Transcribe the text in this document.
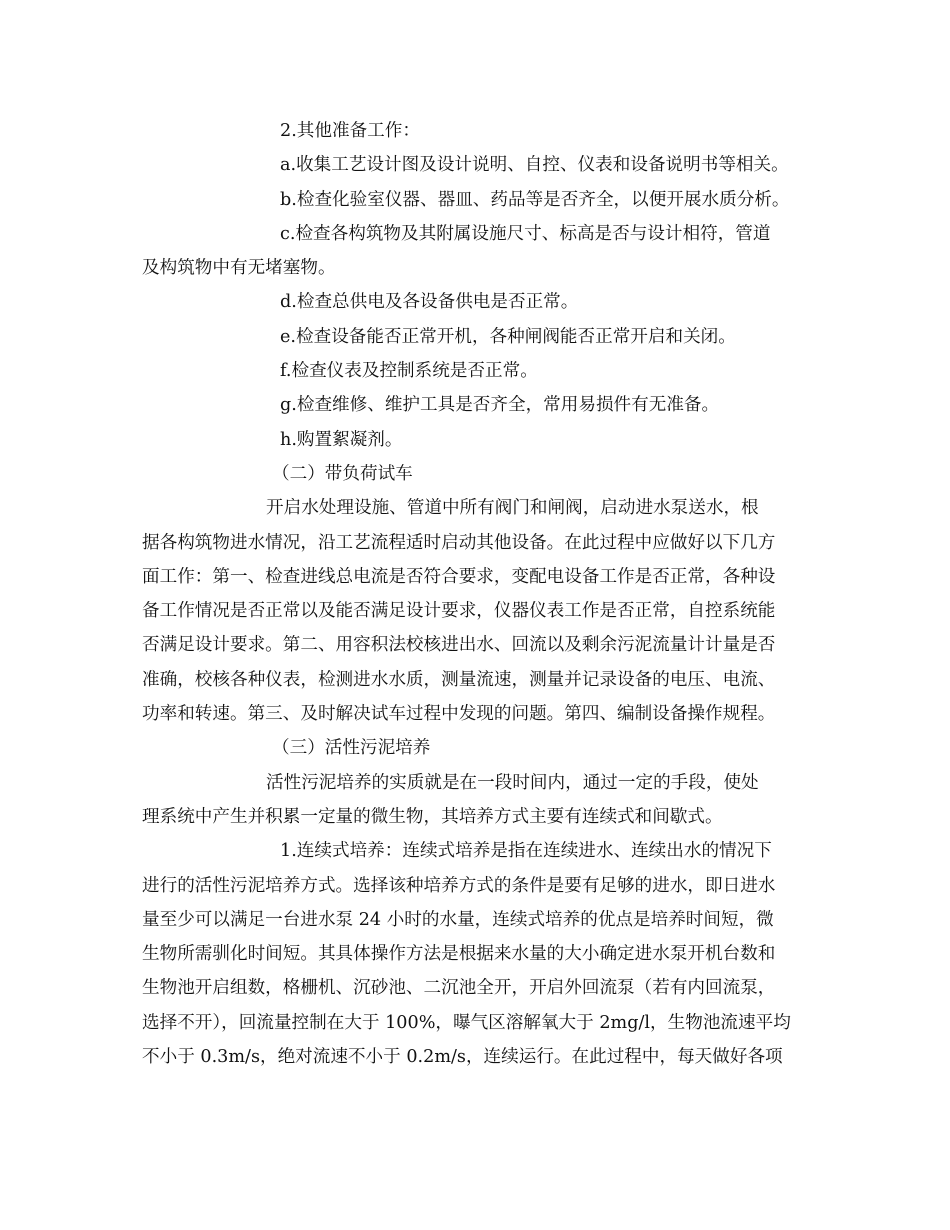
2.其他准备工作：
a.收集工艺设计图及设计说明、自控、仪表和设备说明书等相关。
b.检查化验室仪器、器皿、药品等是否齐全，以便开展水质分析。
c.检查各构筑物及其附属设施尺寸、标高是否与设计相符，管道
及构筑物中有无堵塞物。
d.检查总供电及各设备供电是否正常。
e.检查设备能否正常开机，各种闸阀能否正常开启和关闭。
f.检查仪表及控制系统是否正常。
g.检查维修、维护工具是否齐全，常用易损件有无准备。
h.购置絮凝剂。
（二）带负荷试车
开启水处理设施、管道中所有阀门和闸阀，启动进水泵送水，根
据各构筑物进水情况，沿工艺流程适时启动其他设备。在此过程中应做好以下几方
面工作：第一、检查进线总电流是否符合要求，变配电设备工作是否正常，各种设
备工作情况是否正常以及能否满足设计要求，仪器仪表工作是否正常，自控系统能
否满足设计要求。第二、用容积法校核进出水、回流以及剩余污泥流量计计量是否
准确，校核各种仪表，检测进水水质，测量流速，测量并记录设备的电压、电流、
功率和转速。第三、及时解决试车过程中发现的问题。第四、编制设备操作规程。
（三）活性污泥培养
活性污泥培养的实质就是在一段时间内，通过一定的手段，使处
理系统中产生并积累一定量的微生物，其培养方式主要有连续式和间歇式。
1.连续式培养：连续式培养是指在连续进水、连续出水的情况下
进行的活性污泥培养方式。选择该种培养方式的条件是要有足够的进水，即日进水
量至少可以满足一台进水泵 24 小时的水量，连续式培养的优点是培养时间短，微
生物所需驯化时间短。其具体操作方法是根据来水量的大小确定进水泵开机台数和
生物池开启组数，格栅机、沉砂池、二沉池全开，开启外回流泵（若有内回流泵，
选择不开），回流量控制在大于 100%，曝气区溶解氧大于 2mg/l，生物池流速平均
不小于 0.3m/s，绝对流速不小于 0.2m/s，连续运行。在此过程中，每天做好各项
